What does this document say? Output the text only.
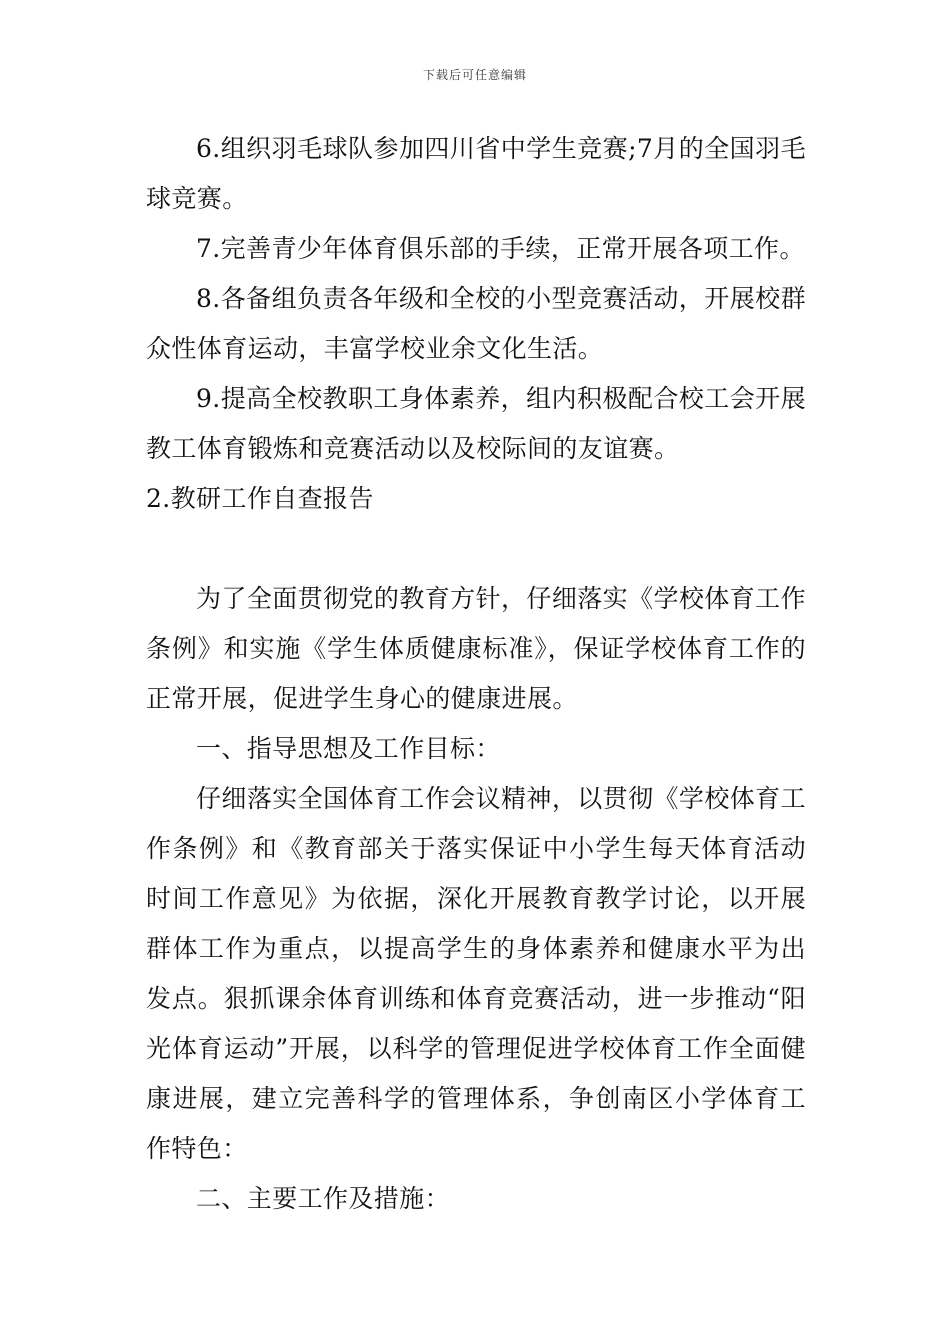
下载后可任意编辑

6.组织羽毛球队参加四川省中学生竞赛;7月的全国羽毛球竞赛。

7.完善青少年体育俱乐部的手续，正常开展各项工作。

8.各备组负责各年级和全校的小型竞赛活动，开展校群众性体育运动，丰富学校业余文化生活。

9.提高全校教职工身体素养，组内积极配合校工会开展教工体育锻炼和竞赛活动以及校际间的友谊赛。

2.教研工作自查报告

为了全面贯彻党的教育方针，仔细落实《学校体育工作条例》和实施《学生体质健康标准》，保证学校体育工作的正常开展，促进学生身心的健康进展。

一、指导思想及工作目标：

仔细落实全国体育工作会议精神，以贯彻《学校体育工作条例》和《教育部关于落实保证中小学生每天体育活动时间工作意见》为依据，深化开展教育教学讨论，以开展群体工作为重点，以提高学生的身体素养和健康水平为出发点。狠抓课余体育训练和体育竞赛活动，进一步推动“阳光体育运动”开展，以科学的管理促进学校体育工作全面健康进展，建立完善科学的管理体系，争创南区小学体育工作特色：

二、主要工作及措施：
